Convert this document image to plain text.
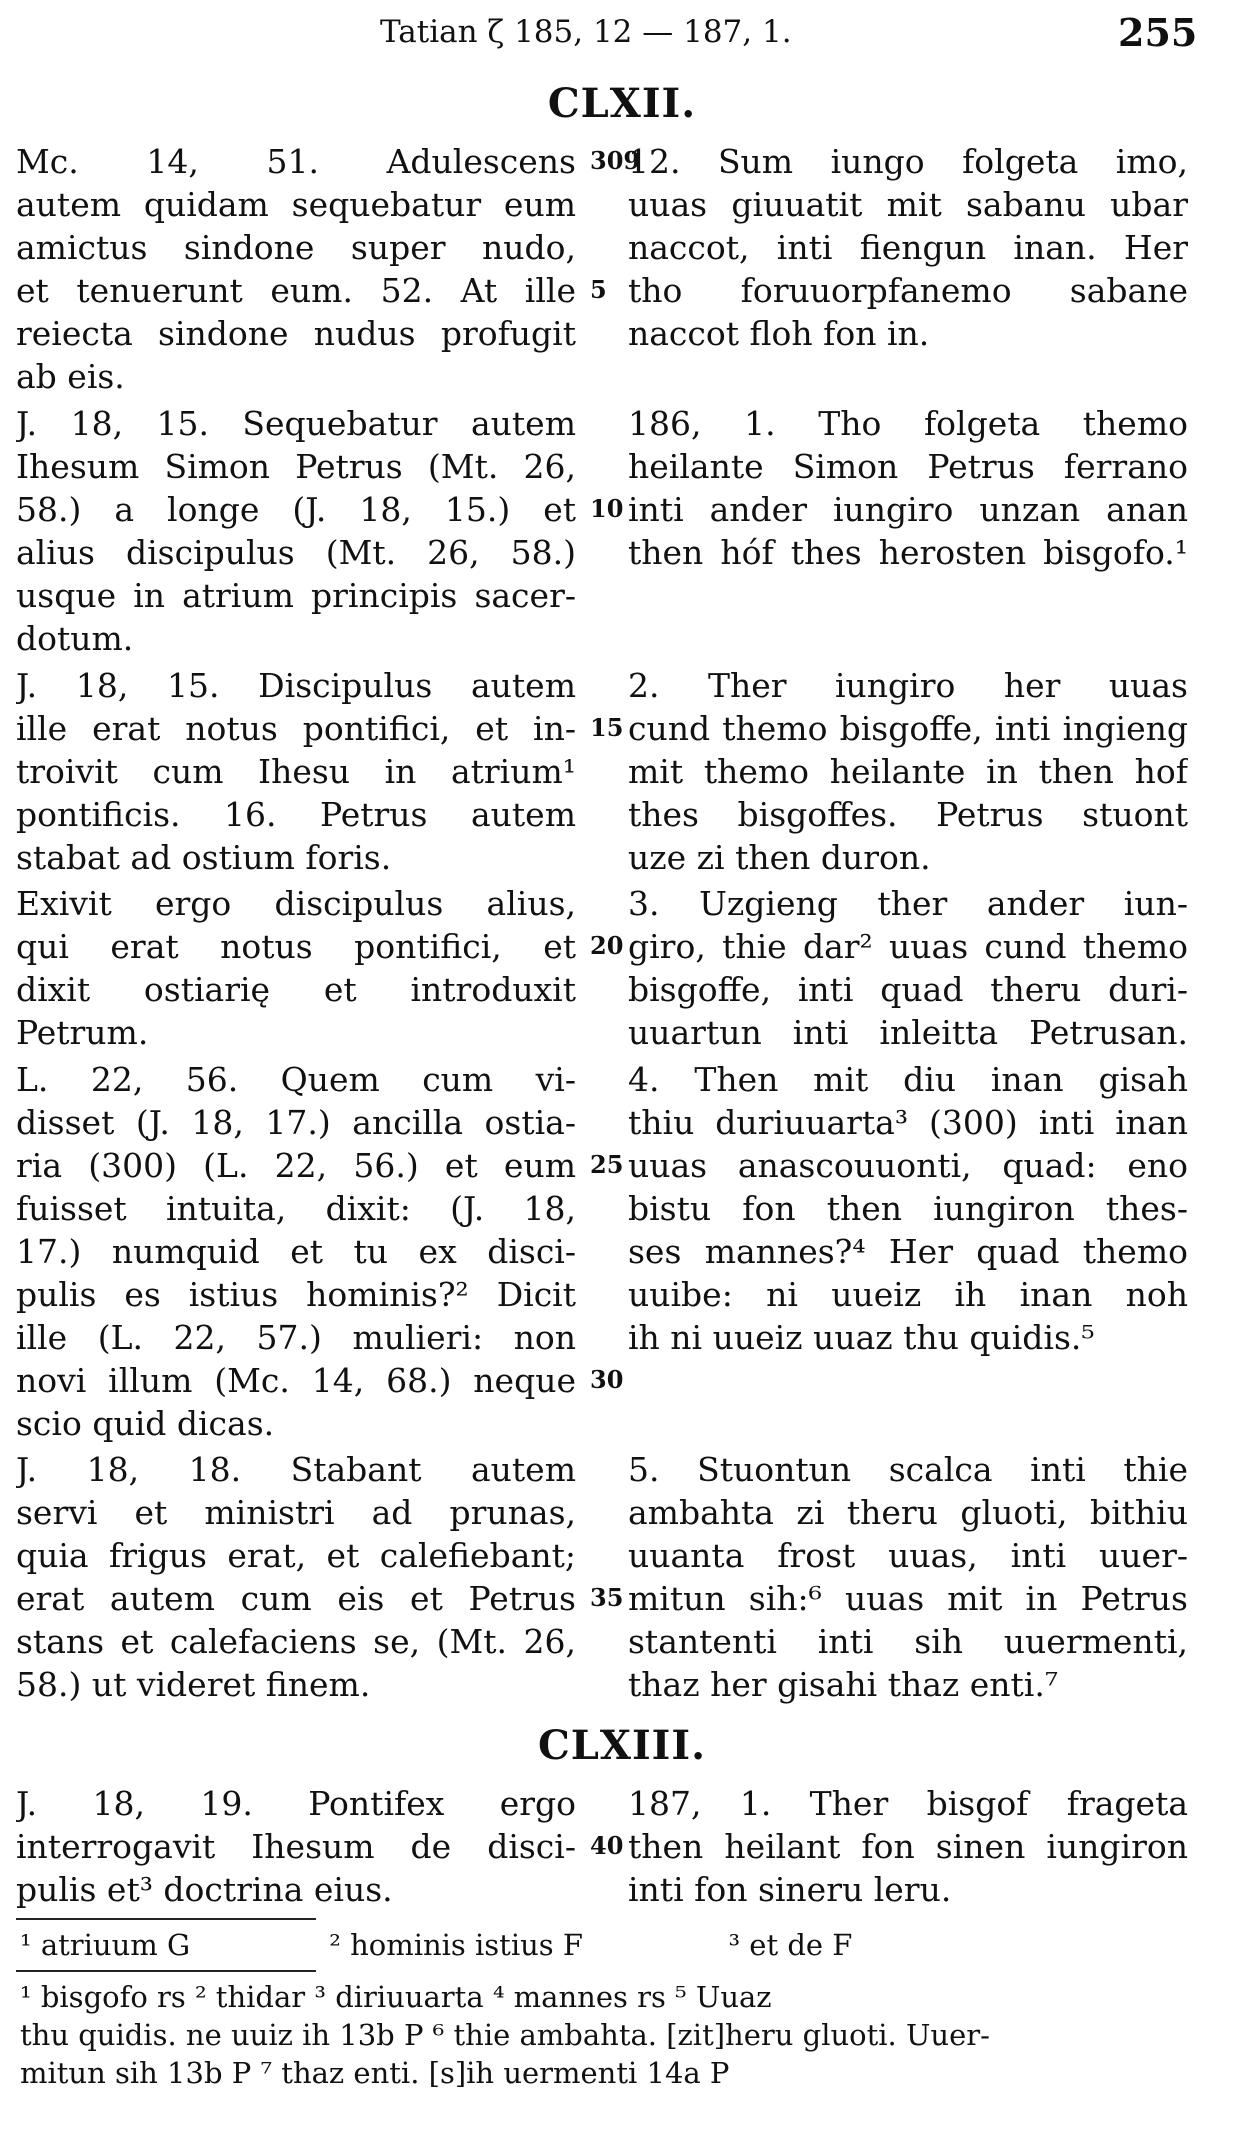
Tatian ζ 185, 12 — 187, 1.	255
CLXII.
Mc. 14, 51. Adulescens
autem quidam sequebatur eum
amictus sindone super nudo,
et tenuerunt eum. 52. At ille
reiecta sindone nudus profugit
ab eis.
309
5
12. Sum iungo folgeta imo,
uuas giuuatit mit sabanu ubar
naccot, inti fiengun inan. Her
tho foruuorpfanemo sabane
naccot floh fon in.
J. 18, 15. Sequebatur autem
Ihesum Simon Petrus (Mt. 26,
58.) a longe (J. 18, 15.) et
alius discipulus (Mt. 26, 58.)
usque in atrium principis sacer-
dotum.
10
186, 1. Tho folgeta themo
heilante Simon Petrus ferrano
inti ander iungiro unzan anan
then hóf thes herosten bisgofo.¹
J. 18, 15. Discipulus autem
ille erat notus pontifici, et in-
troivit cum Ihesu in atrium¹
pontificis. 16. Petrus autem
stabat ad ostium foris.
15
2. Ther iungiro her uuas
cund themo bisgoffe, inti ingieng
mit themo heilante in then hof
thes bisgoffes. Petrus stuont
uze zi then duron.
Exivit ergo discipulus alius,
qui erat notus pontifici, et
dixit ostiarię et introduxit
Petrum.
20
3. Uzgieng ther ander iun-
giro, thie dar² uuas cund themo
bisgoffe, inti quad theru duri-
uuartun inti inleitta Petrusan.
L. 22, 56. Quem cum vi-
disset (J. 18, 17.) ancilla ostia-
ria (300) (L. 22, 56.) et eum
fuisset intuita, dixit: (J. 18,
17.) numquid et tu ex disci-
pulis es istius hominis?² Dicit
ille (L. 22, 57.) mulieri: non
novi illum (Mc. 14, 68.) neque
scio quid dicas.
25
30
4. Then mit diu inan gisah
thiu duriuuarta³ (300) inti inan
uuas anascouuonti, quad: eno
bistu fon then iungiron thes-
ses mannes?⁴ Her quad themo
uuibe: ni uueiz ih inan noh
ih ni uueiz uuaz thu quidis.⁵
J. 18, 18. Stabant autem
servi et ministri ad prunas,
quia frigus erat, et calefiebant;
erat autem cum eis et Petrus
stans et calefaciens se, (Mt. 26,
58.) ut videret finem.
35
5. Stuontun scalca inti thie
ambahta zi theru gluoti, bithiu
uuanta frost uuas, inti uuer-
mitun sih:⁶ uuas mit in Petrus
stantenti inti sih uuermenti,
thaz her gisahi thaz enti.⁷
CLXIII.
J. 18, 19. Pontifex ergo
interrogavit Ihesum de disci-
pulis et³ doctrina eius.
40
187, 1. Ther bisgof frageta
then heilant fon sinen iungiron
inti fon sineru leru.
¹ atriuum G	² hominis istius F	³ et de F
¹ bisgofo rs ² thidar ³ diriuuarta ⁴ mannes rs ⁵ Uuaz
thu quidis. ne uuiz ih 13b P ⁶ thie ambahta. [zit]heru gluoti. Uuer-
mitun sih 13b P ⁷ thaz enti. [s]ih uermenti 14a P
